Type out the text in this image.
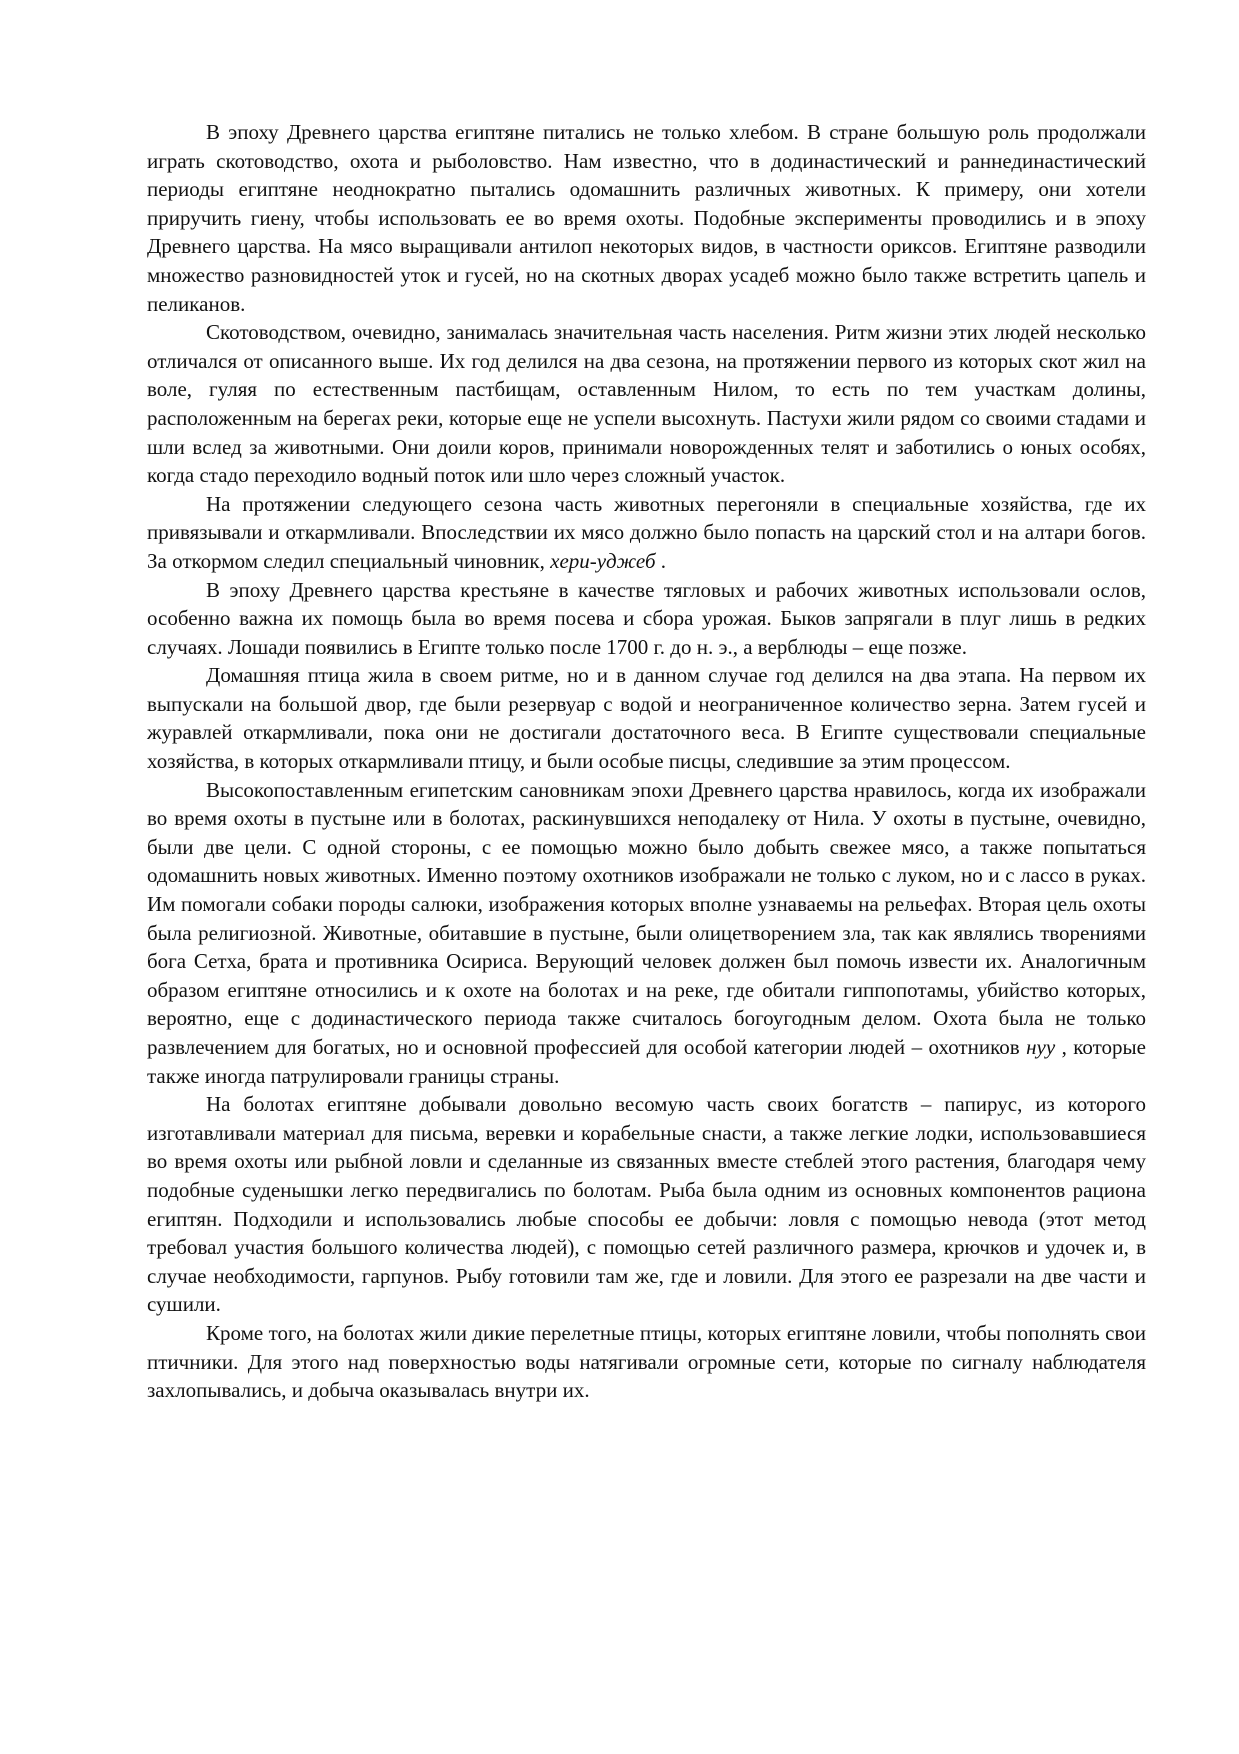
В эпоху Древнего царства египтяне питались не только хлебом. В стране большую роль продолжали играть скотоводство, охота и рыболовство. Нам известно, что в додинастический и раннединастический периоды египтяне неоднократно пытались одомашнить различных животных. К примеру, они хотели приручить гиену, чтобы использовать ее во время охоты. Подобные эксперименты проводились и в эпоху Древнего царства. На мясо выращивали антилоп некоторых видов, в частности ориксов. Египтяне разводили множество разновидностей уток и гусей, но на скотных дворах усадеб можно было также встретить цапель и пеликанов.

Скотоводством, очевидно, занималась значительная часть населения. Ритм жизни этих людей несколько отличался от описанного выше. Их год делился на два сезона, на протяжении первого из которых скот жил на воле, гуляя по естественным пастбищам, оставленным Нилом, то есть по тем участкам долины, расположенным на берегах реки, которые еще не успели высохнуть. Пастухи жили рядом со своими стадами и шли вслед за животными. Они доили коров, принимали новорожденных телят и заботились о юных особях, когда стадо переходило водный поток или шло через сложный участок.

На протяжении следующего сезона часть животных перегоняли в специальные хозяйства, где их привязывали и откармливали. Впоследствии их мясо должно было попасть на царский стол и на алтари богов. За откормом следил специальный чиновник, хери-уджеб .

В эпоху Древнего царства крестьяне в качестве тягловых и рабочих животных использовали ослов, особенно важна их помощь была во время посева и сбора урожая. Быков запрягали в плуг лишь в редких случаях. Лошади появились в Египте только после 1700 г. до н. э., а верблюды – еще позже.

Домашняя птица жила в своем ритме, но и в данном случае год делился на два этапа. На первом их выпускали на большой двор, где были резервуар с водой и неограниченное количество зерна. Затем гусей и журавлей откармливали, пока они не достигали достаточного веса. В Египте существовали специальные хозяйства, в которых откармливали птицу, и были особые писцы, следившие за этим процессом.

Высокопоставленным египетским сановникам эпохи Древнего царства нравилось, когда их изображали во время охоты в пустыне или в болотах, раскинувшихся неподалеку от Нила. У охоты в пустыне, очевидно, были две цели. С одной стороны, с ее помощью можно было добыть свежее мясо, а также попытаться одомашнить новых животных. Именно поэтому охотников изображали не только с луком, но и с лассо в руках. Им помогали собаки породы салюки, изображения которых вполне узнаваемы на рельефах. Вторая цель охоты была религиозной. Животные, обитавшие в пустыне, были олицетворением зла, так как являлись творениями бога Сетха, брата и противника Осириса. Верующий человек должен был помочь извести их. Аналогичным образом египтяне относились и к охоте на болотах и на реке, где обитали гиппопотамы, убийство которых, вероятно, еще с додинастического периода также считалось богоугодным делом. Охота была не только развлечением для богатых, но и основной профессией для особой категории людей – охотников нуу , которые также иногда патрулировали границы страны.

На болотах египтяне добывали довольно весомую часть своих богатств – папирус, из которого изготавливали материал для письма, веревки и корабельные снасти, а также легкие лодки, использовавшиеся во время охоты или рыбной ловли и сделанные из связанных вместе стеблей этого растения, благодаря чему подобные суденышки легко передвигались по болотам. Рыба была одним из основных компонентов рациона египтян. Подходили и использовались любые способы ее добычи: ловля с помощью невода (этот метод требовал участия большого количества людей), с помощью сетей различного размера, крючков и удочек и, в случае необходимости, гарпунов. Рыбу готовили там же, где и ловили. Для этого ее разрезали на две части и сушили.

Кроме того, на болотах жили дикие перелетные птицы, которых египтяне ловили, чтобы пополнять свои птичники. Для этого над поверхностью воды натягивали огромные сети, которые по сигналу наблюдателя захлопывались, и добыча оказывалась внутри их.
